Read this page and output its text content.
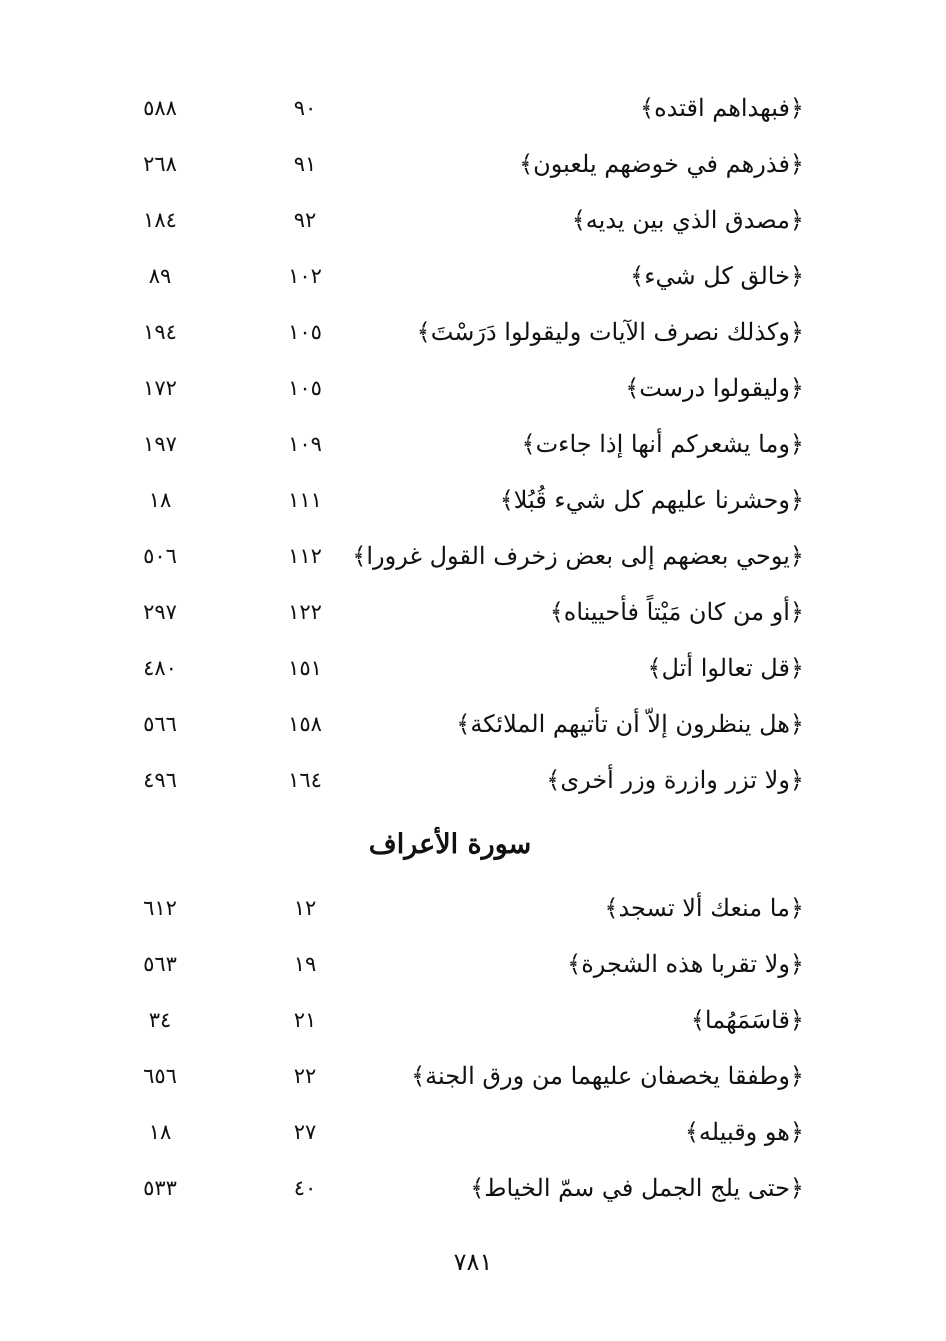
﴿فبهداهم اقتده﴾
٩٠
٥٨٨
﴿فذرهم في خوضهم يلعبون﴾
٩١
٢٦٨
﴿مصدق الذي بين يديه﴾
٩٢
١٨٤
﴿خالق كل شيء﴾
١٠٢
٨٩
﴿وكذلك نصرف الآيات وليقولوا دَرَسْتَ﴾
١٠٥
١٩٤
﴿وليقولوا درست﴾
١٠٥
١٧٢
﴿وما يشعركم أنها إذا جاءت﴾
١٠٩
١٩٧
﴿وحشرنا عليهم كل شيء قُبُلا﴾
١١١
١٨
﴿يوحي بعضهم إلى بعض زخرف القول غرورا﴾
١١٢
٥٠٦
﴿أو من كان مَيْتاً فأحييناه﴾
١٢٢
٢٩٧
﴿قل تعالوا أتل﴾
١٥١
٤٨٠
﴿هل ينظرون إلاّ أن تأتيهم الملائكة﴾
١٥٨
٥٦٦
﴿ولا تزر وازرة وزر أخرى﴾
١٦٤
٤٩٦
سورة الأعراف
﴿ما منعك ألا تسجد﴾
١٢
٦١٢
﴿ولا تقربا هذه الشجرة﴾
١٩
٥٦٣
﴿قاسَمَهُما﴾
٢١
٣٤
﴿وطفقا يخصفان عليهما من ورق الجنة﴾
٢٢
٦٥٦
﴿هو وقبيله﴾
٢٧
١٨
﴿حتى يلج الجمل في سمّ الخياط﴾
٤٠
٥٣٣
٧٨١
